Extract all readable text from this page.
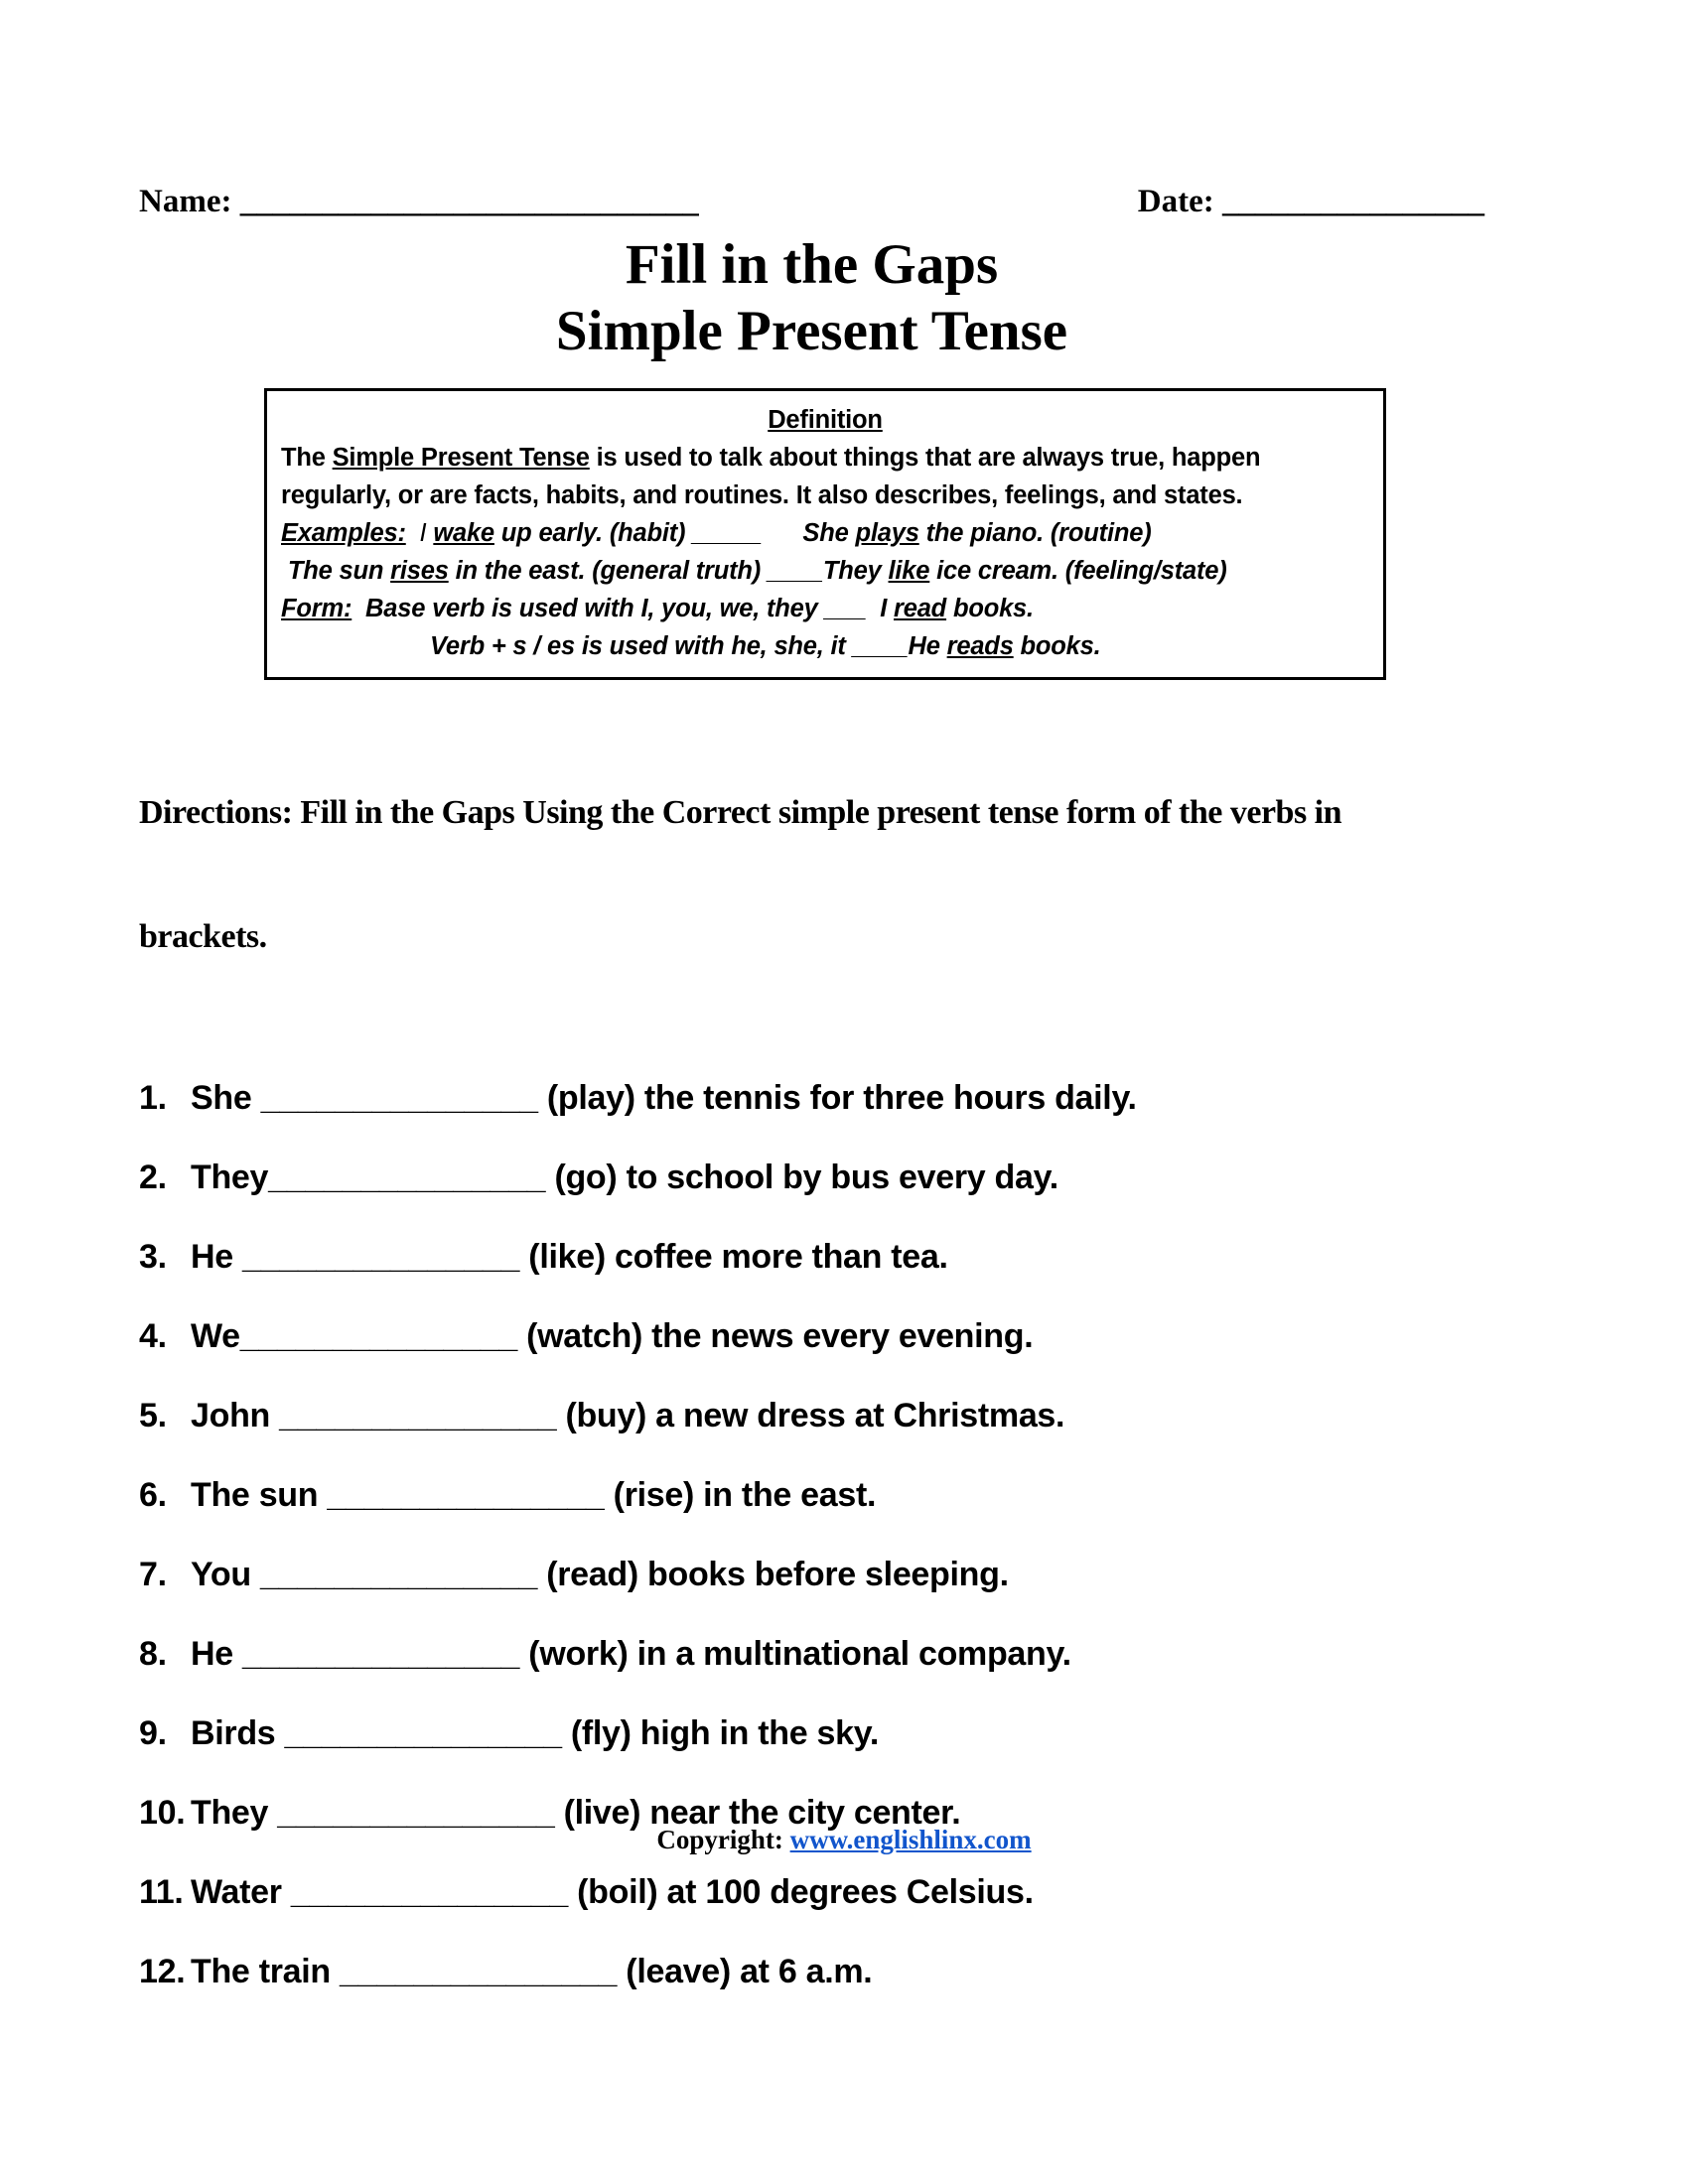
Name: ____________________________	Date: ________________
Fill in the Gaps
Simple Present Tense
Definition
The Simple Present Tense is used to talk about things that are always true, happen
regularly, or are facts, habits, and routines. It also describes, feelings, and states.
Examples: I wake up early. (habit) _____      She plays the piano. (routine)
The sun rises in the east. (general truth) ____They like ice cream. (feeling/state)
Form:  Base verb is used with I, you, we, they ___  I read books.
Verb + s / es is used with he, she, it ____He reads books.

Directions: Fill in the Gaps Using the Correct simple present tense form of the verbs in

brackets.

1. She _______________ (play) the tennis for three hours daily.
2. They_______________ (go) to school by bus every day.
3. He _______________ (like) coffee more than tea.
4. We_______________ (watch) the news every evening.
5. John _______________ (buy) a new dress at Christmas.
6. The sun _______________ (rise) in the east.
7. You _______________ (read) books before sleeping.
8. He _______________ (work) in a multinational company.
9. Birds _______________ (fly) high in the sky.
10. They _______________ (live) near the city center.
11. Water _______________ (boil) at 100 degrees Celsius.
12. The train _______________ (leave) at 6 a.m.
Copyright: www.englishlinx.com
